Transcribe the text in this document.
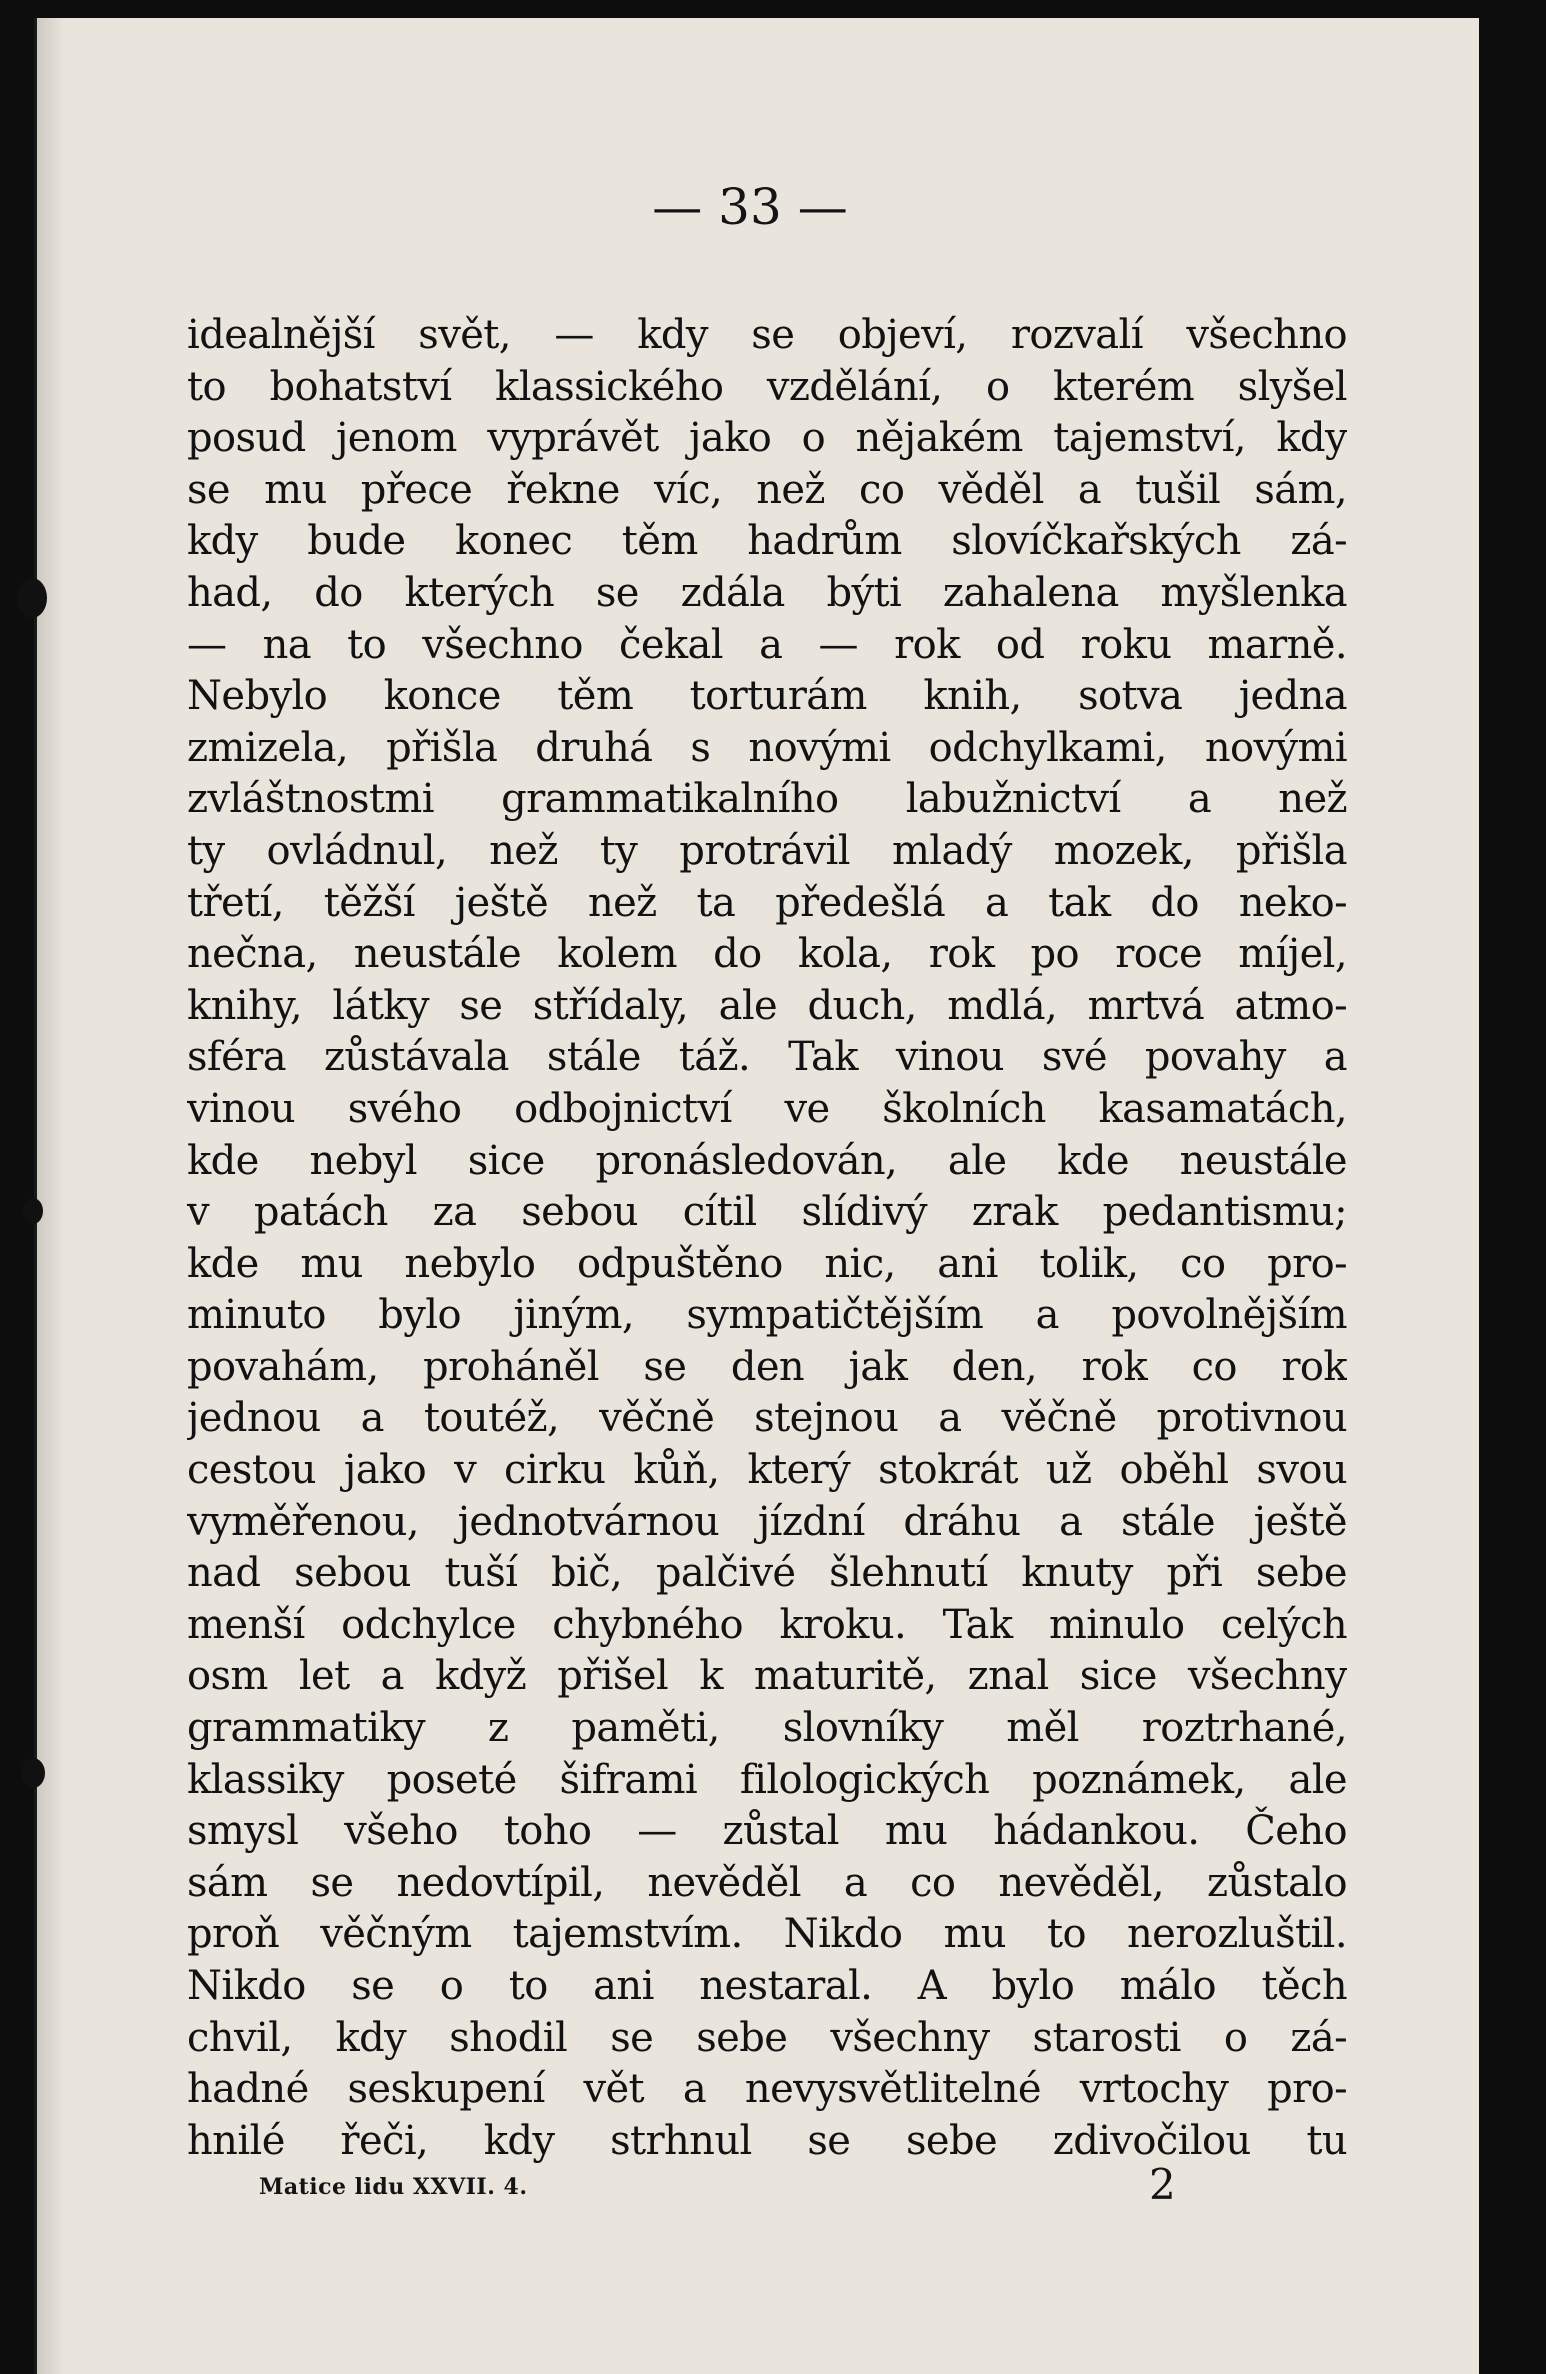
— 33 —
idealnější svět, — kdy se objeví, rozvalí všechno
to bohatství klassického vzdělání, o kterém slyšel
posud jenom vyprávět jako o nějakém tajemství, kdy
se mu přece řekne víc, než co věděl a tušil sám,
kdy bude konec těm hadrům slovíčkařských zá-
had, do kterých se zdála býti zahalena myšlenka
— na to všechno čekal a — rok od roku marně.
Nebylo konce těm torturám knih, sotva jedna
zmizela, přišla druhá s novými odchylkami, novými
zvláštnostmi grammatikalního labužnictví a než
ty ovládnul, než ty protrávil mladý mozek, přišla
třetí, těžší ještě než ta předešlá a tak do neko-
nečna, neustále kolem do kola, rok po roce míjel,
knihy, látky se střídaly, ale duch, mdlá, mrtvá atmo-
sféra zůstávala stále táž. Tak vinou své povahy a
vinou svého odbojnictví ve školních kasamatách,
kde nebyl sice pronásledován, ale kde neustále
v patách za sebou cítil slídivý zrak pedantismu;
kde mu nebylo odpuštěno nic, ani tolik, co pro-
minuto bylo jiným, sympatičtějším a povolnějším
povahám, proháněl se den jak den, rok co rok
jednou a toutéž, věčně stejnou a věčně protivnou
cestou jako v cirku kůň, který stokrát už oběhl svou
vyměřenou, jednotvárnou jízdní dráhu a stále ještě
nad sebou tuší bič, palčivé šlehnutí knuty při sebe
menší odchylce chybného kroku. Tak minulo celých
osm let a když přišel k maturitě, znal sice všechny
grammatiky z paměti, slovníky měl roztrhané,
klassiky poseté šiframi filologických poznámek, ale
smysl všeho toho — zůstal mu hádankou. Čeho
sám se nedovtípil, nevěděl a co nevěděl, zůstalo
proň věčným tajemstvím. Nikdo mu to nerozluštil.
Nikdo se o to ani nestaral. A bylo málo těch
chvil, kdy shodil se sebe všechny starosti o zá-
hadné seskupení vět a nevysvětlitelné vrtochy pro-
hnilé řeči, kdy strhnul se sebe zdivočilou tu
Matice lidu XXVII. 4.	2
